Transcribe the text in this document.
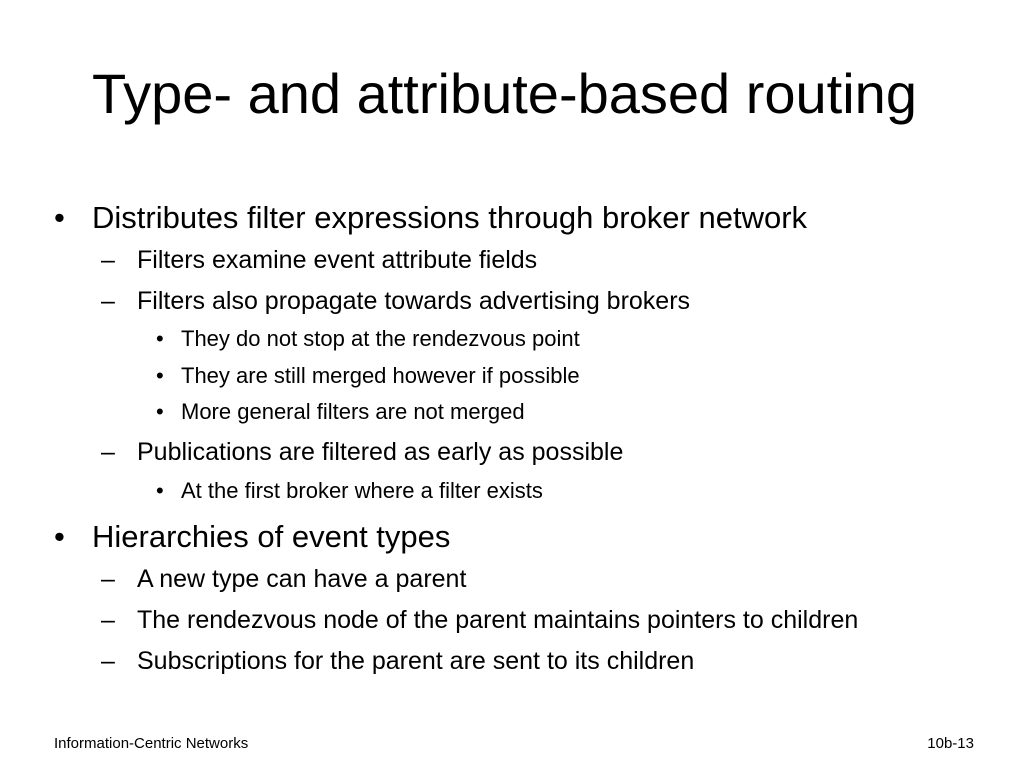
Type- and attribute-based routing
• Distributes filter expressions through broker network
– Filters examine event attribute fields
– Filters also propagate towards advertising brokers
• They do not stop at the rendezvous point
• They are still merged however if possible
• More general filters are not merged
– Publications are filtered as early as possible
• At the first broker where a filter exists
• Hierarchies of event types
– A new type can have a parent
– The rendezvous node of the parent maintains pointers to children
– Subscriptions for the parent are sent to its children
Information-Centric Networks	10b-13
